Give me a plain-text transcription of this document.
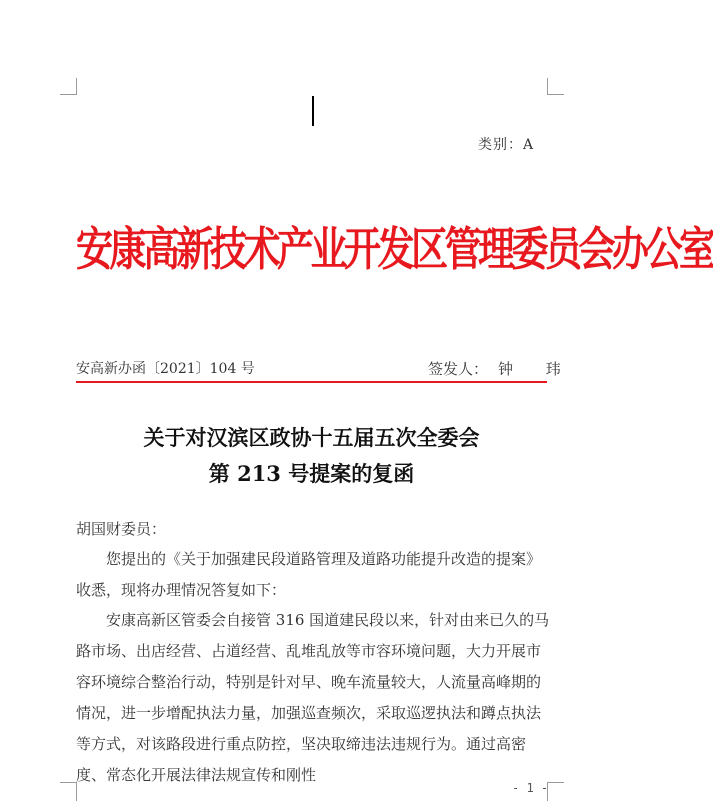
类别：A
安康高新技术产业开发区管理委员会办公室
安高新办函〔2021〕104 号	签发人： 钟 玮
关于对汉滨区政协十五届五次全委会
第 213 号提案的复函
胡国财委员：
您提出的《关于加强建民段道路管理及道路功能提升改造的提案》收悉，现将办理情况答复如下：
安康高新区管委会自接管 316 国道建民段以来，针对由来已久的马路市场、出店经营、占道经营、乱堆乱放等市容环境问题，大力开展市容环境综合整治行动，特别是针对早、晚车流量较大，人流量高峰期的情况，进一步增配执法力量，加强巡查频次，采取巡逻执法和蹲点执法等方式，对该路段进行重点防控，坚决取缔违法违规行为。通过高密度、常态化开展法律法规宣传和刚性
- 1 -
